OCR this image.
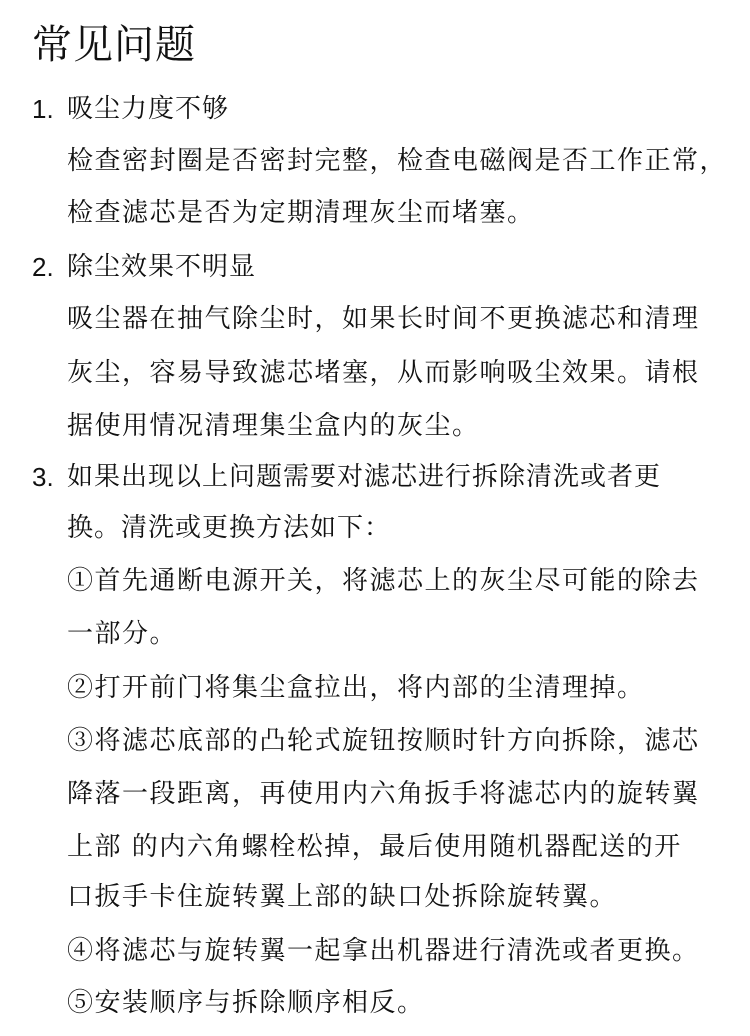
常见问题
1. 吸尘力度不够
检查密封圈是否密封完整，检查电磁阀是否工作正常，
检查滤芯是否为定期清理灰尘而堵塞。
2. 除尘效果不明显
吸尘器在抽气除尘时，如果长时间不更换滤芯和清理
灰尘，容易导致滤芯堵塞，从而影响吸尘效果。请根
据使用情况清理集尘盒内的灰尘。
3. 如果出现以上问题需要对滤芯进行拆除清洗或者更
换。清洗或更换方法如下：
①首先通断电源开关，将滤芯上的灰尘尽可能的除去
一部分。
②打开前门将集尘盒拉出，将内部的尘清理掉。
③将滤芯底部的凸轮式旋钮按顺时针方向拆除，滤芯
降落一段距离，再使用内六角扳手将滤芯内的旋转翼
上部 的内六角螺栓松掉，最后使用随机器配送的开
口扳手卡住旋转翼上部的缺口处拆除旋转翼。
④将滤芯与旋转翼一起拿出机器进行清洗或者更换。
⑤安装顺序与拆除顺序相反。
